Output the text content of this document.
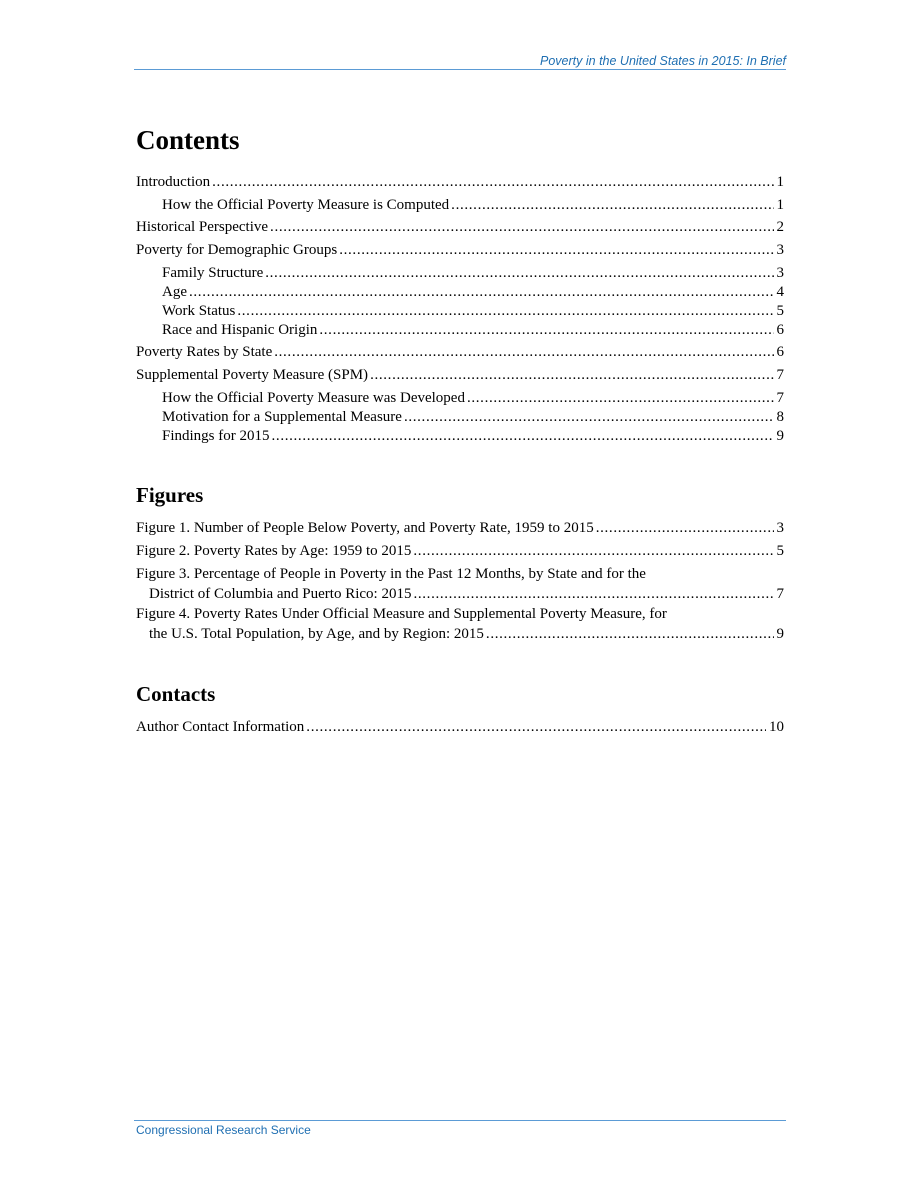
Poverty in the United States in 2015: In Brief
Contents
Introduction . . .	1
How the Official Poverty Measure is Computed . . .	1
Historical Perspective . . .	2
Poverty for Demographic Groups . . .	3
Family Structure . . .	3
Age . . .	4
Work Status . . .	5
Race and Hispanic Origin . . .	6
Poverty Rates by State . . .	6
Supplemental Poverty Measure (SPM) . . .	7
How the Official Poverty Measure was Developed . . .	7
Motivation for a Supplemental Measure . . .	8
Findings for 2015 . . .	9
Figures
Figure 1. Number of People Below Poverty, and Poverty Rate, 1959 to 2015 . . .	3
Figure 2. Poverty Rates by Age: 1959 to 2015 . . .	5
Figure 3. Percentage of People in Poverty in the Past 12 Months, by State and for the
District of Columbia and Puerto Rico: 2015 . . .	7
Figure 4. Poverty Rates Under Official Measure and Supplemental Poverty Measure, for
the U.S. Total Population, by Age, and by Region: 2015 . . .	9
Contacts
Author Contact Information . . .	10
Congressional Research Service
